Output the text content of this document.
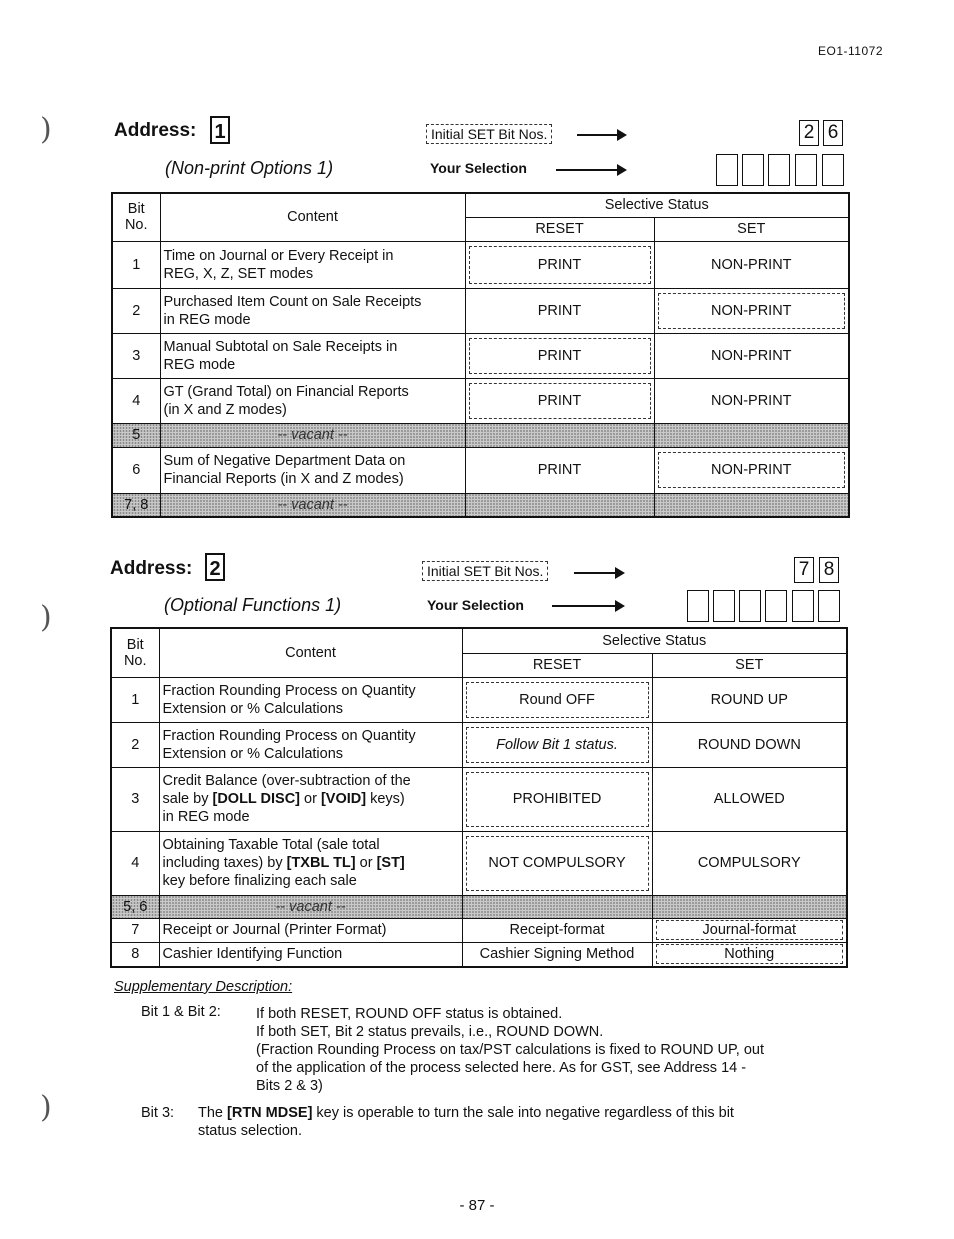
EO1-11072
)
)
)
Address: 1
(Non-print Options 1)
Initial SET Bit Nos.
Your Selection
2 6
Bit
No.	Content	Selective Status	
		RESET	SET
1	Time on Journal or Every Receipt in
REG, X, Z, SET modes	PRINT	NON-PRINT
2	Purchased Item Count on Sale Receipts
in REG mode	PRINT	NON-PRINT

3	Manual Subtotal on Sale Receipts in
REG mode	PRINT	NON-PRINT
4	GT (Grand Total) on Financial Reports
(in X and Z modes)	PRINT	NON-PRINT
5	-- vacant --		
6	Sum of Negative Department Data on
Financial Reports (in X and Z modes)	PRINT	NON-PRINT

7, 8	-- vacant --		
Address: 2
(Optional Functions 1)
Initial SET Bit Nos.
Your Selection
7 8
Bit
No.	Content	Selective Status	
		RESET	SET
1	Fraction Rounding Process on Quantity
Extension or % Calculations	Round OFF	ROUND UP
2	Fraction Rounding Process on Quantity
Extension or % Calculations	Follow Bit 1 status.	ROUND DOWN
3	Credit Balance (over-subtraction of the
sale by [DOLL DISC] or [VOID] keys)
in REG mode	PROHIBITED	ALLOWED
4	Obtaining Taxable Total (sale total
including taxes) by [TXBL TL] or [ST]
key before finalizing each sale	NOT COMPULSORY	COMPULSORY
5, 6	-- vacant --		
7	Receipt or Journal (Printer Format)	Receipt-format	Journal-format

8	Cashier Identifying Function	Cashier Signing Method	Nothing
Supplementary Description:
Bit 1 & Bit 2: If both RESET, ROUND OFF status is obtained.
If both SET, Bit 2 status prevails, i.e., ROUND DOWN.
(Fraction Rounding Process on tax/PST calculations is fixed to ROUND UP, out
of the application of the process selected here. As for GST, see Address 14 -
Bits 2 & 3)
Bit 3: The [RTN MDSE] key is operable to turn the sale into negative regardless of this bit
status selection.
- 87 -
